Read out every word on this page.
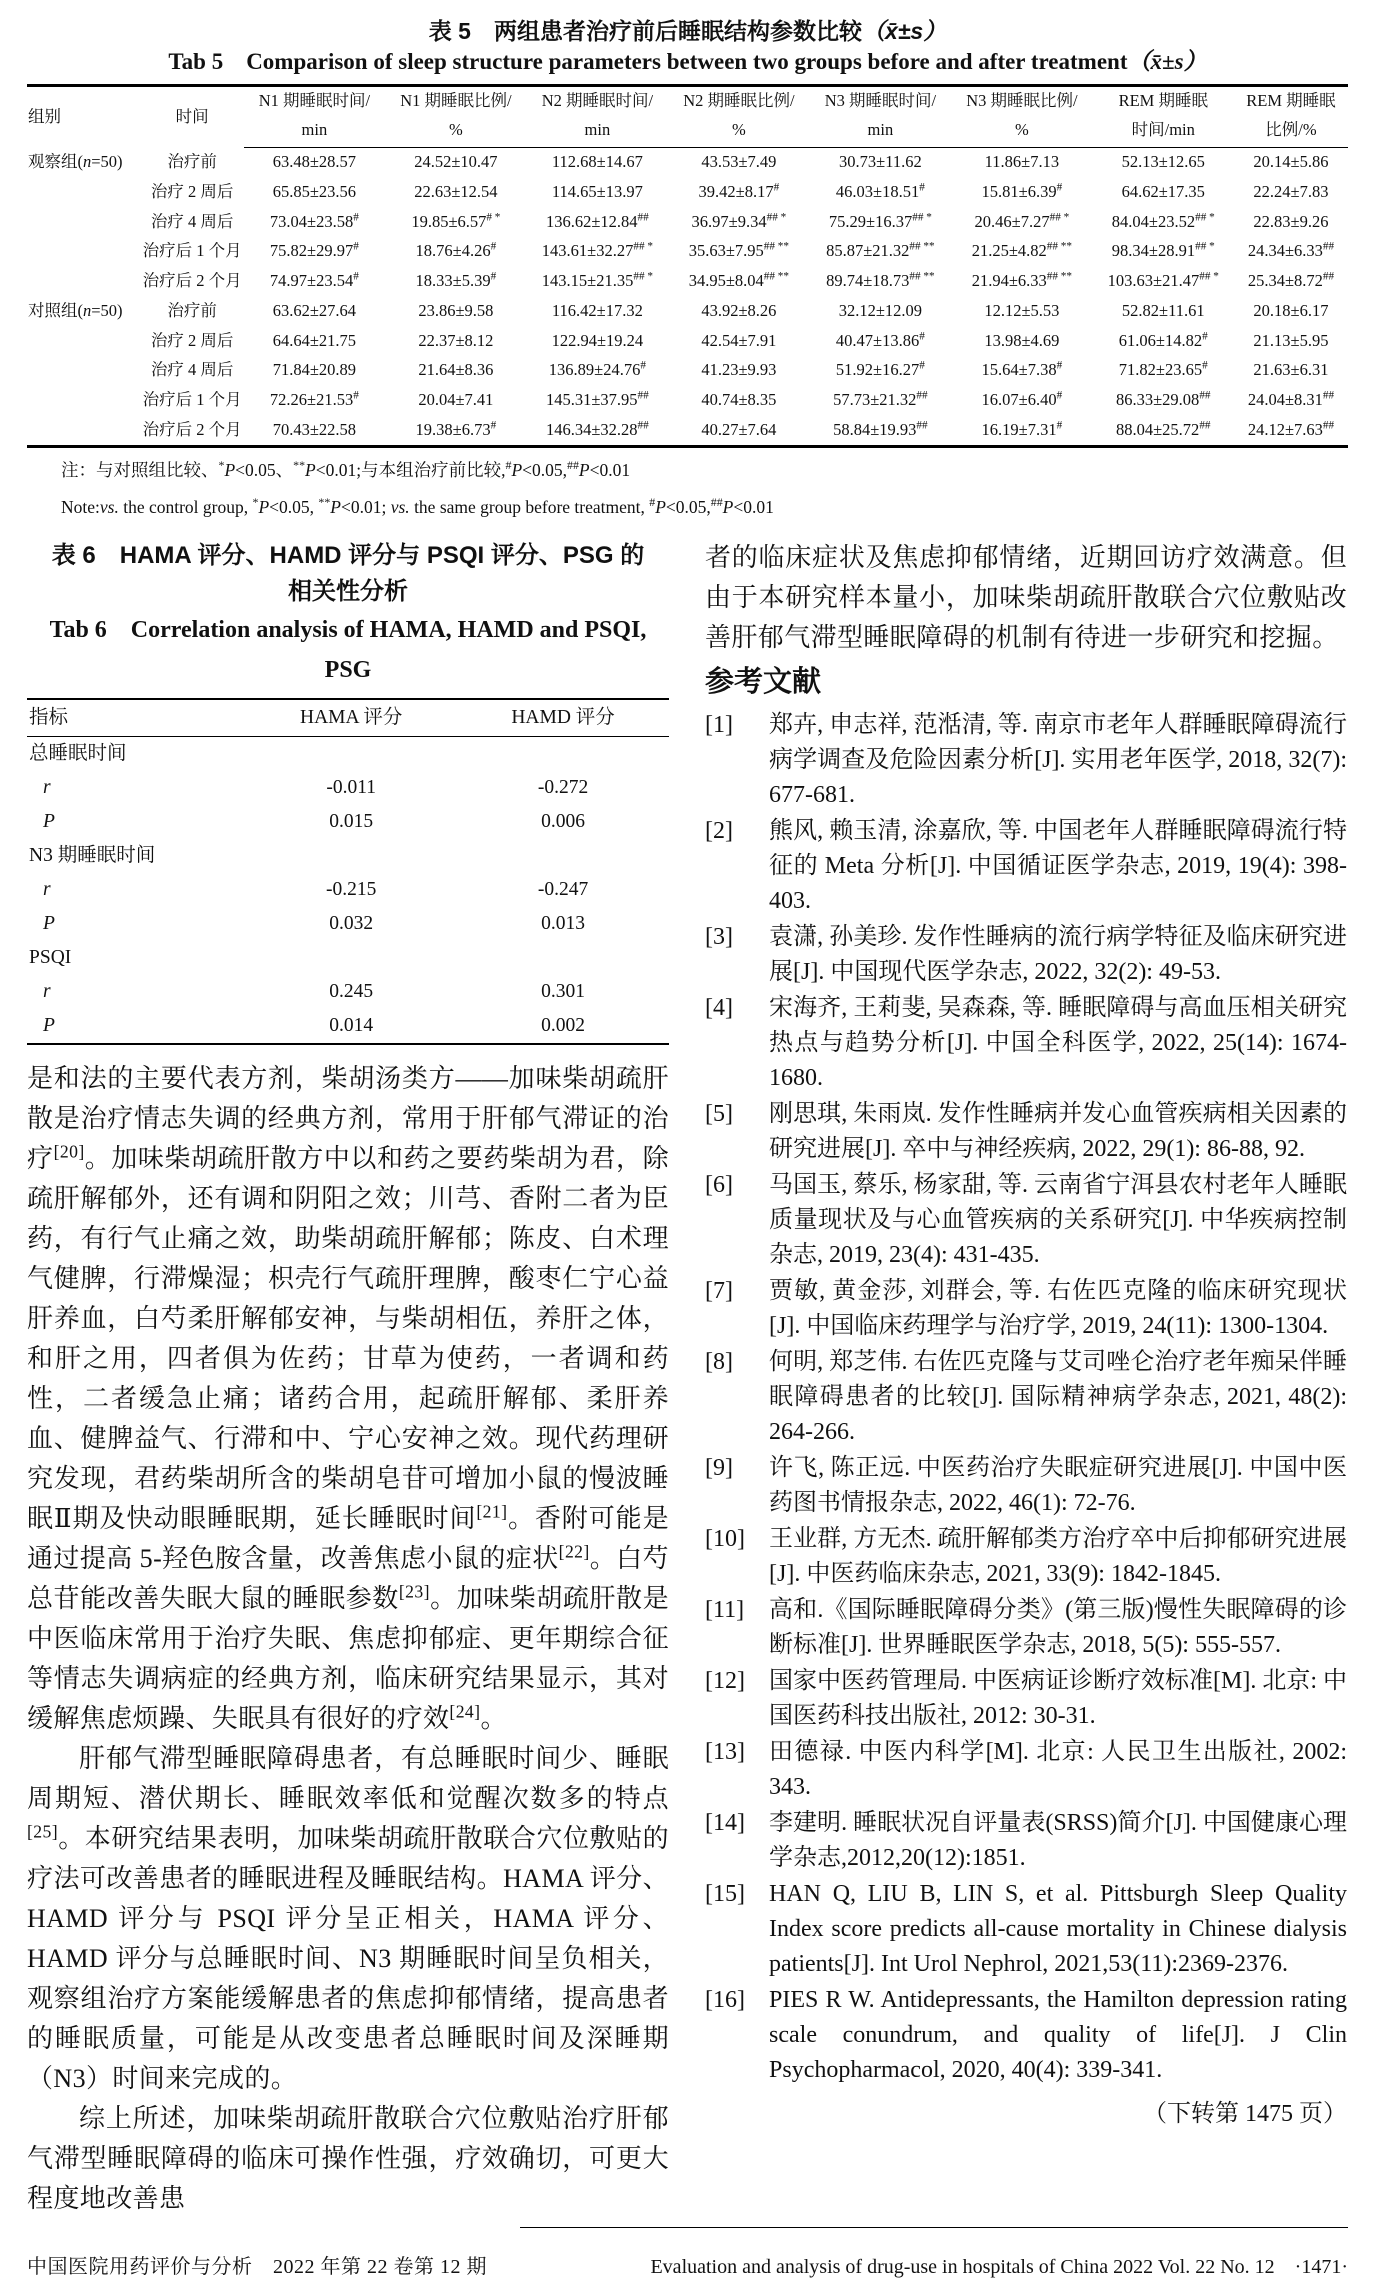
表 5　两组患者治疗前后睡眠结构参数比较（x̄±s）
Tab 5　Comparison of sleep structure parameters between two groups before and after treatment（x̄±s）
组别	时间	N1 期睡眠时间/	N1 期睡眠比例/	N2 期睡眠时间/	N2 期睡眠比例/	N3 期睡眠时间/	N3 期睡眠比例/	REM 期睡眠	REM 期睡眠
		min	%	min	%	min	%	时间/min	比例/%
观察组(n=50)	治疗前	63.48±28.57	24.52±10.47	112.68±14.67	43.53±7.49	30.73±11.62	11.86±7.13	52.13±12.65	20.14±5.86
	治疗 2 周后	65.85±23.56	22.63±12.54	114.65±13.97	39.42±8.17#	46.03±18.51#	15.81±6.39#	64.62±17.35	22.24±7.83
	治疗 4 周后	73.04±23.58#	19.85±6.57# *	136.62±12.84##	36.97±9.34## *	75.29±16.37## *	20.46±7.27## *	84.04±23.52## *	22.83±9.26
	治疗后 1 个月	75.82±29.97#	18.76±4.26#	143.61±32.27## *	35.63±7.95## **	85.87±21.32## **	21.25±4.82## **	98.34±28.91## *	24.34±6.33##
	治疗后 2 个月	74.97±23.54#	18.33±5.39#	143.15±21.35## *	34.95±8.04## **	89.74±18.73## **	21.94±6.33## **	103.63±21.47## *	25.34±8.72##
对照组(n=50)	治疗前	63.62±27.64	23.86±9.58	116.42±17.32	43.92±8.26	32.12±12.09	12.12±5.53	52.82±11.61	20.18±6.17
	治疗 2 周后	64.64±21.75	22.37±8.12	122.94±19.24	42.54±7.91	40.47±13.86#	13.98±4.69	61.06±14.82#	21.13±5.95
	治疗 4 周后	71.84±20.89	21.64±8.36	136.89±24.76#	41.23±9.93	51.92±16.27#	15.64±7.38#	71.82±23.65#	21.63±6.31
	治疗后 1 个月	72.26±21.53#	20.04±7.41	145.31±37.95##	40.74±8.35	57.73±21.32##	16.07±6.40#	86.33±29.08##	24.04±8.31##
	治疗后 2 个月	70.43±22.58	19.38±6.73#	146.34±32.28##	40.27±7.64	58.84±19.93##	16.19±7.31#	88.04±25.72##	24.12±7.63##
注：与对照组比较、*P<0.05、**P<0.01;与本组治疗前比较,#P<0.05,##P<0.01
Note:vs. the control group, *P<0.05, **P<0.01; vs. the same group before treatment, #P<0.05,##P<0.01
表 6　HAMA 评分、HAMD 评分与 PSQI 评分、PSG 的
相关性分析
Tab 6　Correlation analysis of HAMA, HAMD and PSQI, PSG
指标	HAMA 评分	HAMD 评分
总睡眠时间		
r	-0.011	-0.272
P	0.015	0.006
N3 期睡眠时间		
r	-0.215	-0.247
P	0.032	0.013
PSQI		
r	0.245	0.301
P	0.014	0.002

是和法的主要代表方剂，柴胡汤类方——加味柴胡疏肝散是治疗情志失调的经典方剂，常用于肝郁气滞证的治疗[20]。加味柴胡疏肝散方中以和药之要药柴胡为君，除疏肝解郁外，还有调和阴阳之效；川芎、香附二者为臣药，有行气止痛之效，助柴胡疏肝解郁；陈皮、白术理气健脾，行滞燥湿；枳壳行气疏肝理脾，酸枣仁宁心益肝养血，白芍柔肝解郁安神，与柴胡相伍，养肝之体，和肝之用，四者俱为佐药；甘草为使药，一者调和药性，二者缓急止痛；诸药合用，起疏肝解郁、柔肝养血、健脾益气、行滞和中、宁心安神之效。现代药理研究发现，君药柴胡所含的柴胡皂苷可增加小鼠的慢波睡眠Ⅱ期及快动眼睡眠期，延长睡眠时间[21]。香附可能是通过提高 5-羟色胺含量，改善焦虑小鼠的症状[22]。白芍总苷能改善失眠大鼠的睡眠参数[23]。加味柴胡疏肝散是中医临床常用于治疗失眠、焦虑抑郁症、更年期综合征等情志失调病症的经典方剂，临床研究结果显示，其对缓解焦虑烦躁、失眠具有很好的疗效[24]。

肝郁气滞型睡眠障碍患者，有总睡眠时间少、睡眠周期短、潜伏期长、睡眠效率低和觉醒次数多的特点[25]。本研究结果表明，加味柴胡疏肝散联合穴位敷贴的疗法可改善患者的睡眠进程及睡眠结构。HAMA 评分、HAMD 评分与 PSQI 评分呈正相关，HAMA 评分、HAMD 评分与总睡眠时间、N3 期睡眠时间呈负相关，观察组治疗方案能缓解患者的焦虑抑郁情绪，提高患者的睡眠质量，可能是从改变患者总睡眠时间及深睡期（N3）时间来完成的。

综上所述，加味柴胡疏肝散联合穴位敷贴治疗肝郁气滞型睡眠障碍的临床可操作性强，疗效确切，可更大程度地改善患

者的临床症状及焦虑抑郁情绪，近期回访疗效满意。但由于本研究样本量小，加味柴胡疏肝散联合穴位敷贴改善肝郁气滞型睡眠障碍的机制有待进一步研究和挖掘。

参考文献
[1] 郑卉, 申志祥, 范湉清, 等. 南京市老年人群睡眠障碍流行病学调查及危险因素分析[J]. 实用老年医学, 2018, 32(7): 677-681.
[2] 熊风, 赖玉清, 涂嘉欣, 等. 中国老年人群睡眠障碍流行特征的 Meta 分析[J]. 中国循证医学杂志, 2019, 19(4): 398-403.
[3] 袁潇, 孙美珍. 发作性睡病的流行病学特征及临床研究进展[J]. 中国现代医学杂志, 2022, 32(2): 49-53.
[4] 宋海齐, 王莉斐, 吴森森, 等. 睡眠障碍与高血压相关研究热点与趋势分析[J]. 中国全科医学, 2022, 25(14): 1674-1680.
[5] 刚思琪, 朱雨岚. 发作性睡病并发心血管疾病相关因素的研究进展[J]. 卒中与神经疾病, 2022, 29(1): 86-88, 92.
[6] 马国玉, 蔡乐, 杨家甜, 等. 云南省宁洱县农村老年人睡眠质量现状及与心血管疾病的关系研究[J]. 中华疾病控制杂志, 2019, 23(4): 431-435.
[7] 贾敏, 黄金莎, 刘群会, 等. 右佐匹克隆的临床研究现状[J]. 中国临床药理学与治疗学, 2019, 24(11): 1300-1304.
[8] 何明, 郑芝伟. 右佐匹克隆与艾司唑仑治疗老年痴呆伴睡眠障碍患者的比较[J]. 国际精神病学杂志, 2021, 48(2): 264-266.
[9] 许飞, 陈正远. 中医药治疗失眠症研究进展[J]. 中国中医药图书情报杂志, 2022, 46(1): 72-76.
[10] 王业群, 方无杰. 疏肝解郁类方治疗卒中后抑郁研究进展[J]. 中医药临床杂志, 2021, 33(9): 1842-1845.
[11] 高和.《国际睡眠障碍分类》(第三版)慢性失眠障碍的诊断标准[J]. 世界睡眠医学杂志, 2018, 5(5): 555-557.
[12] 国家中医药管理局. 中医病证诊断疗效标准[M]. 北京: 中国医药科技出版社, 2012: 30-31.
[13] 田德禄. 中医内科学[M]. 北京: 人民卫生出版社, 2002: 343.
[14] 李建明. 睡眠状况自评量表(SRSS)简介[J]. 中国健康心理学杂志,2012,20(12):1851.
[15] HAN Q, LIU B, LIN S, et al. Pittsburgh Sleep Quality Index score predicts all-cause mortality in Chinese dialysis patients[J]. Int Urol Nephrol, 2021,53(11):2369-2376.
[16] PIES R W. Antidepressants, the Hamilton depression rating scale conundrum, and quality of life[J]. J Clin Psychopharmacol, 2020, 40(4): 339-341.
（下转第 1475 页）
中国医院用药评价与分析　2022 年第 22 卷第 12 期	Evaluation and analysis of drug-use in hospitals of China 2022 Vol. 22 No. 12　·1471·
